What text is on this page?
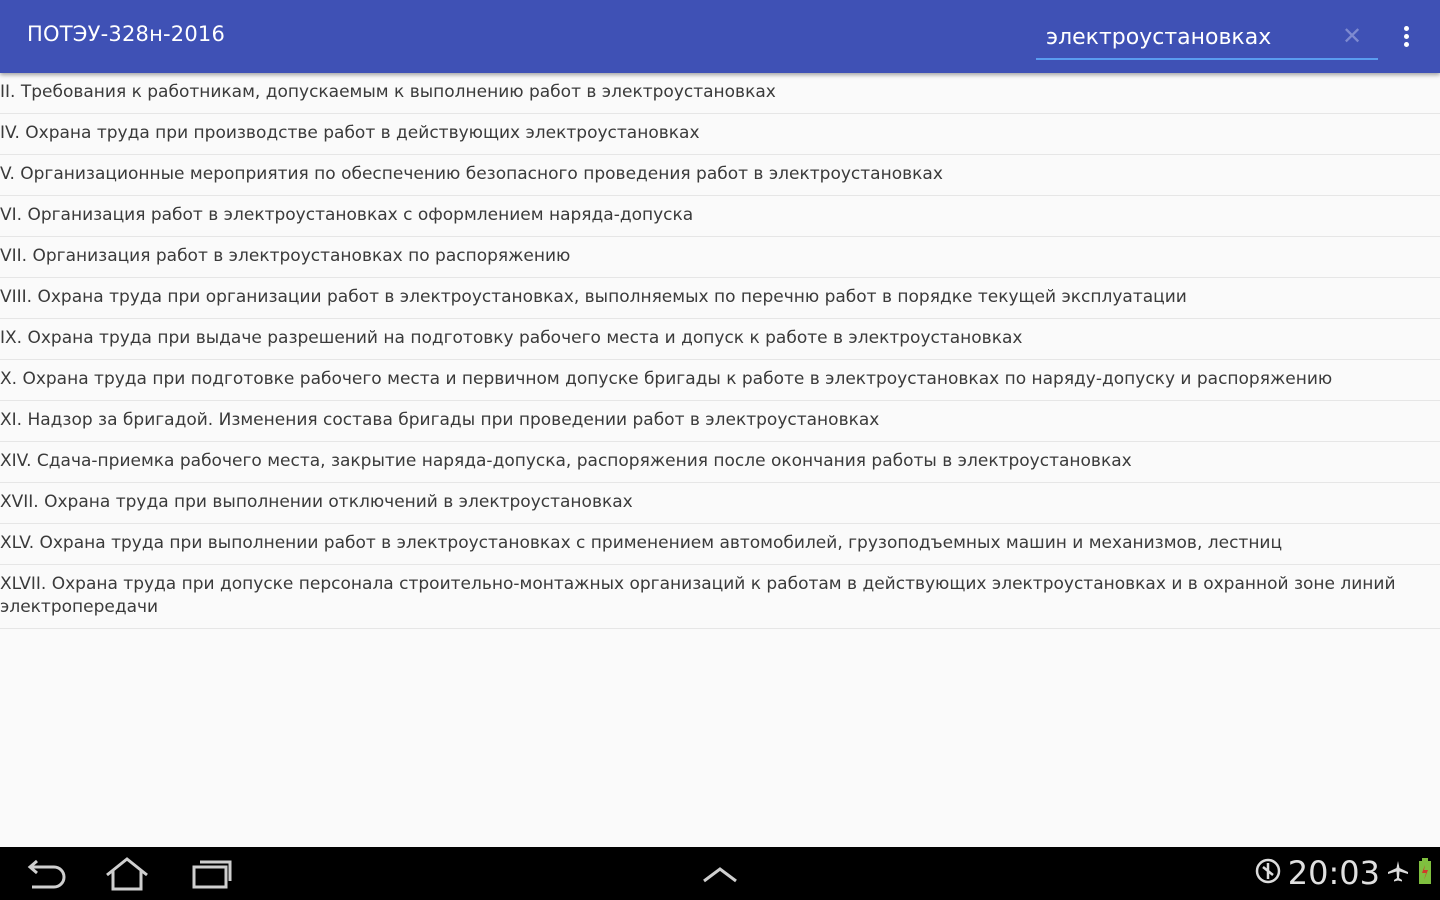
ПОТЭУ-328н-2016
электроустановках	✕
II. Требования к работникам, допускаемым к выполнению работ в электроустановках
IV. Охрана труда при производстве работ в действующих электроустановках
V. Организационные мероприятия по обеспечению безопасного проведения работ в электроустановках
VI. Организация работ в электроустановках с оформлением наряда-допуска
VII. Организация работ в электроустановках по распоряжению
VIII. Охрана труда при организации работ в электроустановках, выполняемых по перечню работ в порядке текущей эксплуатации
IX. Охрана труда при выдаче разрешений на подготовку рабочего места и допуск к работе в электроустановках
X. Охрана труда при подготовке рабочего места и первичном допуске бригады к работе в электроустановках по наряду-допуску и распоряжению
XI. Надзор за бригадой. Изменения состава бригады при проведении работ в электроустановках
XIV. Сдача-приемка рабочего места, закрытие наряда-допуска, распоряжения после окончания работы в электроустановках
XVII. Охрана труда при выполнении отключений в электроустановках
XLV. Охрана труда при выполнении работ в электроустановках с применением автомобилей, грузоподъемных машин и механизмов, лестниц
XLVII. Охрана труда при допуске персонала строительно-монтажных организаций к работам в действующих электроустановках и в охранной зоне линий электропередачи
20:03
